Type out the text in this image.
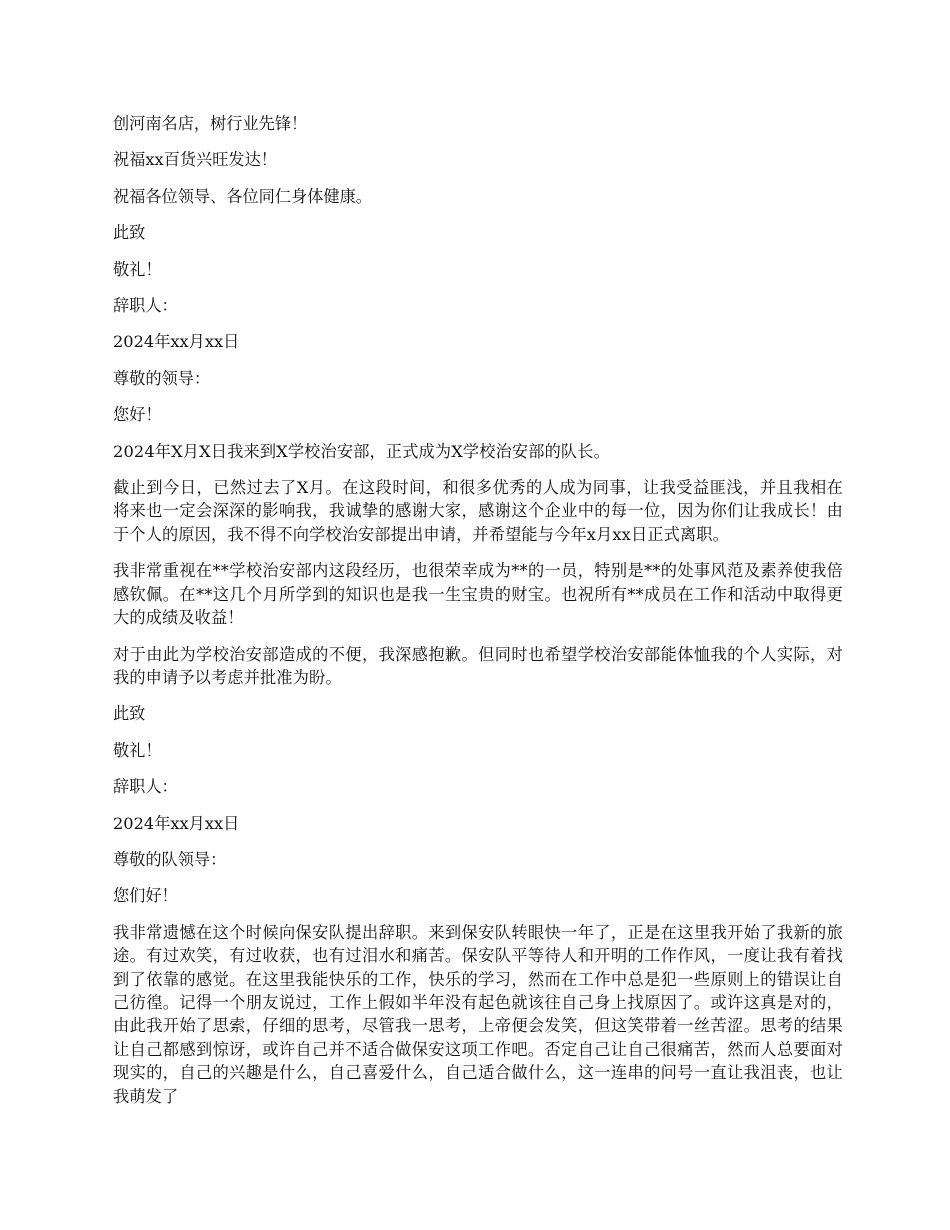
创河南名店，树行业先锋！

祝福xx百货兴旺发达！

祝福各位领导、各位同仁身体健康。

此致

敬礼！

辞职人：

2024年xx月xx日

尊敬的领导：

您好！

2024年X月X日我来到X学校治安部，正式成为X学校治安部的队长。

截止到今日，已然过去了X月。在这段时间，和很多优秀的人成为同事，让我受益匪浅，并且我相在将来也一定会深深的影响我，我诚挚的感谢大家，感谢这个企业中的每一位，因为你们让我成长！由于个人的原因，我不得不向学校治安部提出申请，并希望能与今年x月xx日正式离职。

我非常重视在**学校治安部内这段经历，也很荣幸成为**的一员，特别是**的处事风范及素养使我倍感钦佩。在**这几个月所学到的知识也是我一生宝贵的财宝。也祝所有**成员在工作和活动中取得更大的成绩及收益！

对于由此为学校治安部造成的不便，我深感抱歉。但同时也希望学校治安部能体恤我的个人实际，对我的申请予以考虑并批准为盼。

此致

敬礼！

辞职人：

2024年xx月xx日

尊敬的队领导：

您们好！

我非常遗憾在这个时候向保安队提出辞职。来到保安队转眼快一年了，正是在这里我开始了我新的旅途。有过欢笑，有过收获，也有过泪水和痛苦。保安队平等待人和开明的工作作风，一度让我有着找到了依靠的感觉。在这里我能快乐的工作，快乐的学习，然而在工作中总是犯一些原则上的错误让自己彷徨。记得一个朋友说过，工作上假如半年没有起色就该往自己身上找原因了。或许这真是对的，由此我开始了思索，仔细的思考，尽管我一思考，上帝便会发笑，但这笑带着一丝苦涩。思考的结果让自己都感到惊讶，或许自己并不适合做保安这项工作吧。否定自己让自己很痛苦，然而人总要面对现实的，自己的兴趣是什么，自己喜爱什么，自己适合做什么，这一连串的问号一直让我沮丧，也让我萌发了
